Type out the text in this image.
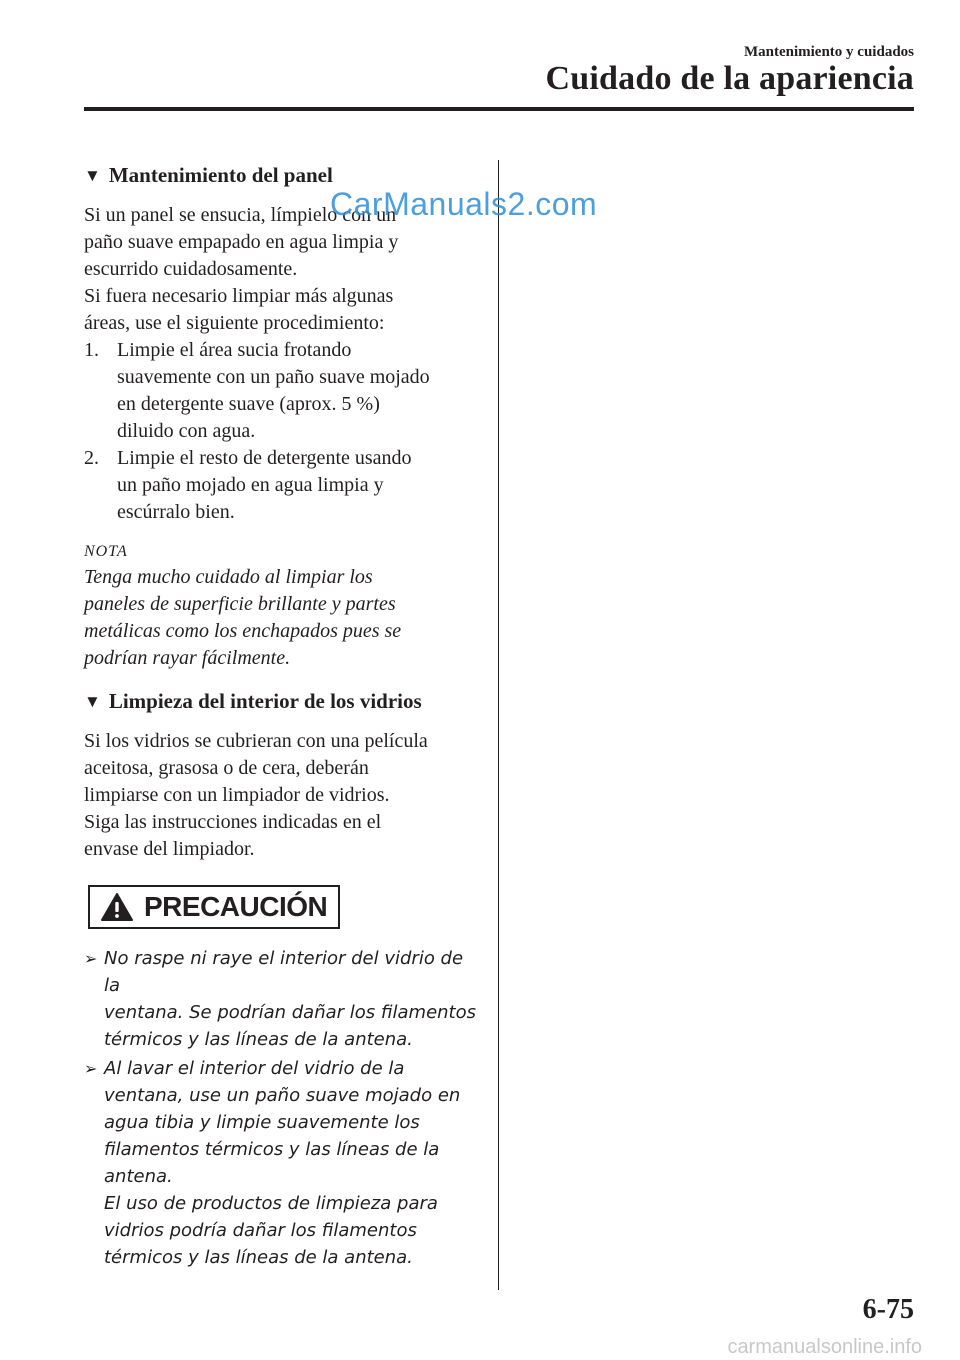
Mantenimiento y cuidados
Cuidado de la apariencia
▼ Mantenimiento del panel

Si un panel se ensucia, límpielo con un
paño suave empapado en agua limpia y
escurrido cuidadosamente.
Si fuera necesario limpiar más algunas
áreas, use el siguiente procedimiento:

1. Limpie el área sucia frotando
suavemente con un paño suave mojado
en detergente suave (aprox. 5 %)
diluido con agua.
2. Limpie el resto de detergente usando
un paño mojado en agua limpia y
escúrralo bien.
NOTA

Tenga mucho cuidado al limpiar los
paneles de superficie brillante y partes
metálicas como los enchapados pues se
podrían rayar fácilmente.

▼ Limpieza del interior de los vidrios

Si los vidrios se cubrieran con una película
aceitosa, grasosa o de cera, deberán
limpiarse con un limpiador de vidrios.
Siga las instrucciones indicadas en el
envase del limpiador.

PRECAUCIÓN
➢ No raspe ni raye el interior del vidrio de la
ventana. Se podrían dañar los filamentos
térmicos y las líneas de la antena.
➢ Al lavar el interior del vidrio de la
ventana, use un paño suave mojado en
agua tibia y limpie suavemente los
filamentos térmicos y las líneas de la
antena.
El uso de productos de limpieza para
vidrios podría dañar los filamentos
térmicos y las líneas de la antena.
CarManuals2.com
6-75
carmanualsonline.info
